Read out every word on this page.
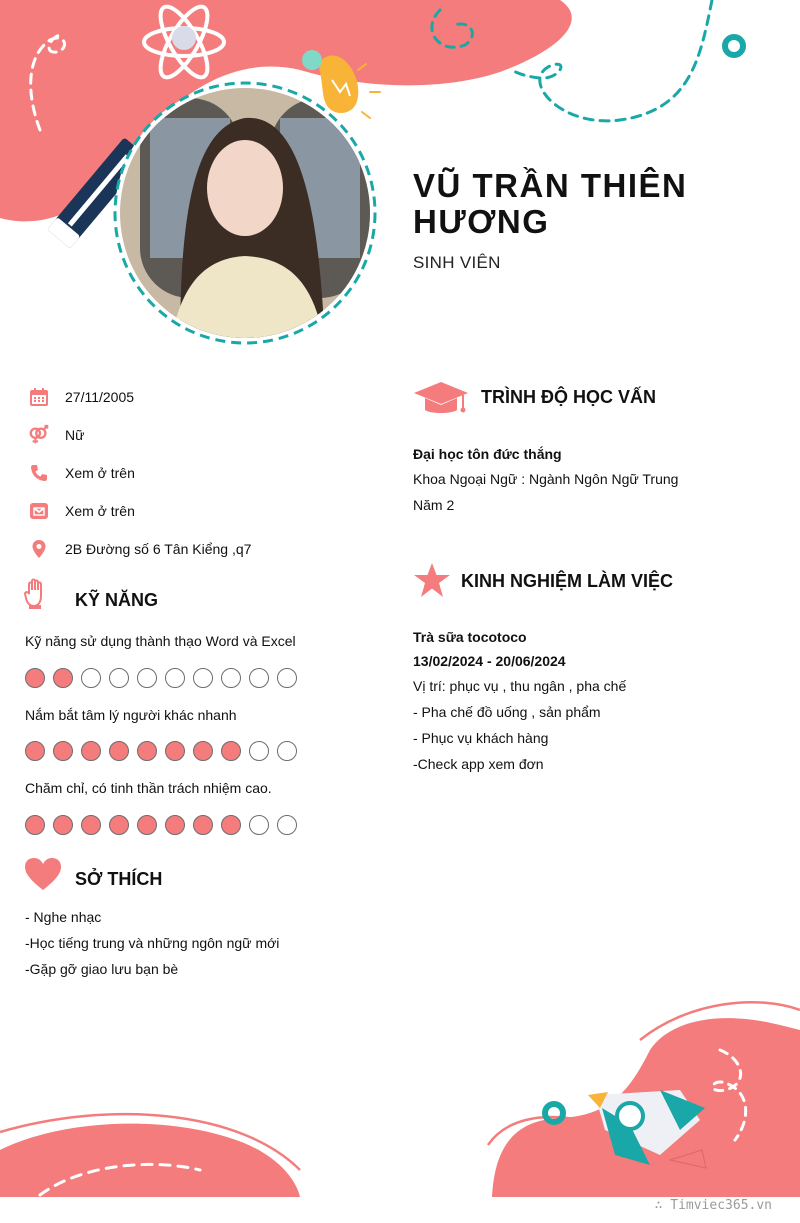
VŨ TRẦN THIÊN HƯƠNG
SINH VIÊN
27/11/2005
Nữ
Xem ở trên
Xem ở trên
2B Đường số 6 Tân Kiểng ,q7
KỸ NĂNG
Kỹ năng sử dụng thành thạo Word và Excel
Nắm bắt tâm lý người khác nhanh
Chăm chỉ, có tinh thần trách nhiệm cao.
SỞ THÍCH
- Nghe nhạc
-Học tiếng trung và những ngôn ngữ mới
-Gặp gỡ giao lưu bạn bè
TRÌNH ĐỘ HỌC VẤN
Đại học tôn đức thắng
Khoa Ngoại Ngữ : Ngành Ngôn Ngữ Trung
Năm 2
KINH NGHIỆM LÀM VIỆC
Trà sữa tocotoco
13/02/2024 - 20/06/2024
Vị trí: phục vụ , thu ngân , pha chế
- Pha chế đồ uống , sản phẩm
- Phục vụ khách hàng
-Check app xem đơn
∴ Timviec365.vn
